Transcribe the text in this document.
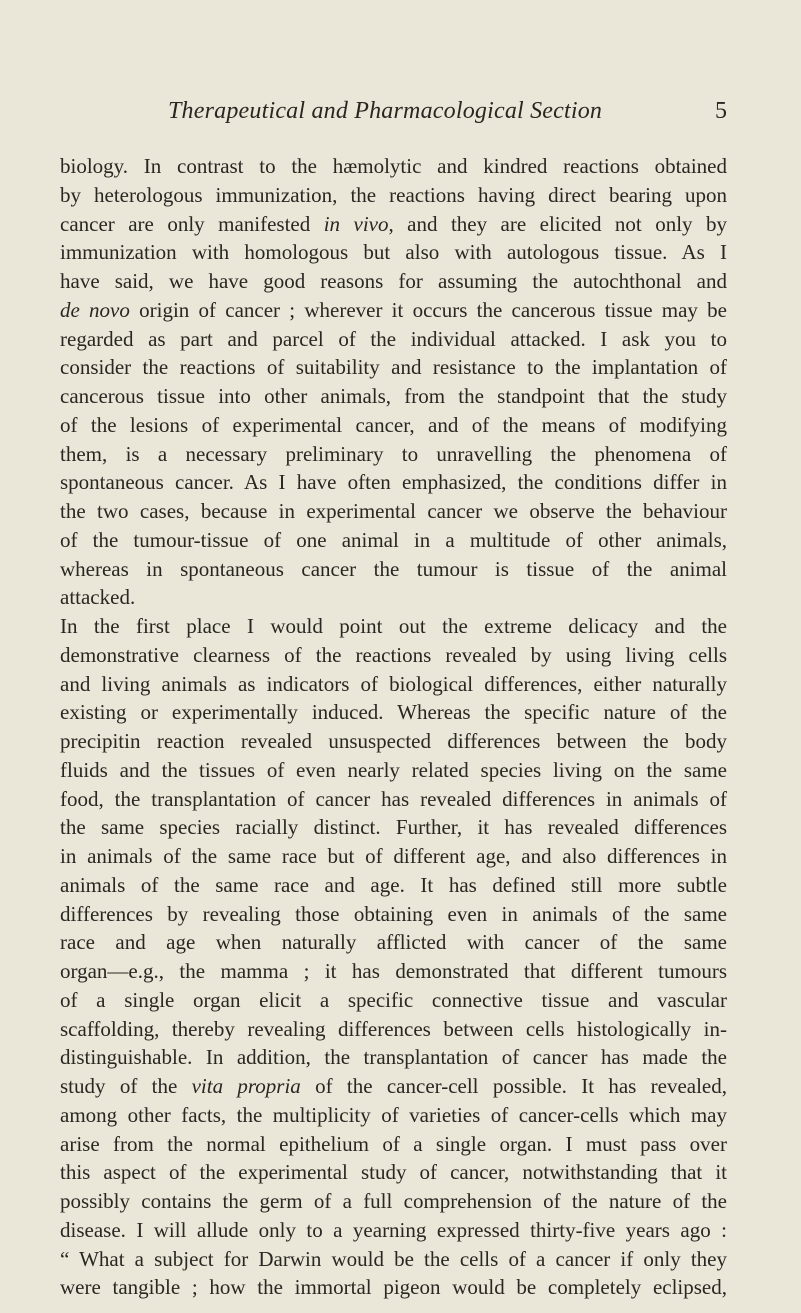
Therapeutical and Pharmacological Section	5
biology. In contrast to the hæmolytic and kindred reactions obtained
by heterologous immunization, the reactions having direct bearing upon
cancer are only manifested in vivo, and they are elicited not only by
immunization with homologous but also with autologous tissue. As I
have said, we have good reasons for assuming the autochthonal and
de novo origin of cancer ; wherever it occurs the cancerous tissue may be
regarded as part and parcel of the individual attacked. I ask you to
consider the reactions of suitability and resistance to the implantation of
cancerous tissue into other animals, from the standpoint that the study
of the lesions of experimental cancer, and of the means of modifying
them, is a necessary preliminary to unravelling the phenomena of
spontaneous cancer. As I have often emphasized, the conditions differ in
the two cases, because in experimental cancer we observe the behaviour
of the tumour-tissue of one animal in a multitude of other animals,
whereas in spontaneous cancer the tumour is tissue of the animal
attacked.
In the first place I would point out the extreme delicacy and the
demonstrative clearness of the reactions revealed by using living cells
and living animals as indicators of biological differences, either naturally
existing or experimentally induced. Whereas the specific nature of the
precipitin reaction revealed unsuspected differences between the body
fluids and the tissues of even nearly related species living on the same
food, the transplantation of cancer has revealed differences in animals of
the same species racially distinct. Further, it has revealed differences
in animals of the same race but of different age, and also differences in
animals of the same race and age. It has defined still more subtle
differences by revealing those obtaining even in animals of the same
race and age when naturally afflicted with cancer of the same
organ—e.g., the mamma ; it has demonstrated that different tumours
of a single organ elicit a specific connective tissue and vascular
scaffolding, thereby revealing differences between cells histologically in-
distinguishable. In addition, the transplantation of cancer has made the
study of the vita propria of the cancer-cell possible. It has revealed,
among other facts, the multiplicity of varieties of cancer-cells which may
arise from the normal epithelium of a single organ. I must pass over
this aspect of the experimental study of cancer, notwithstanding that it
possibly contains the germ of a full comprehension of the nature of the
disease. I will allude only to a yearning expressed thirty-five years ago :
“ What a subject for Darwin would be the cells of a cancer if only they
were tangible ; how the immortal pigeon would be completely eclipsed,
